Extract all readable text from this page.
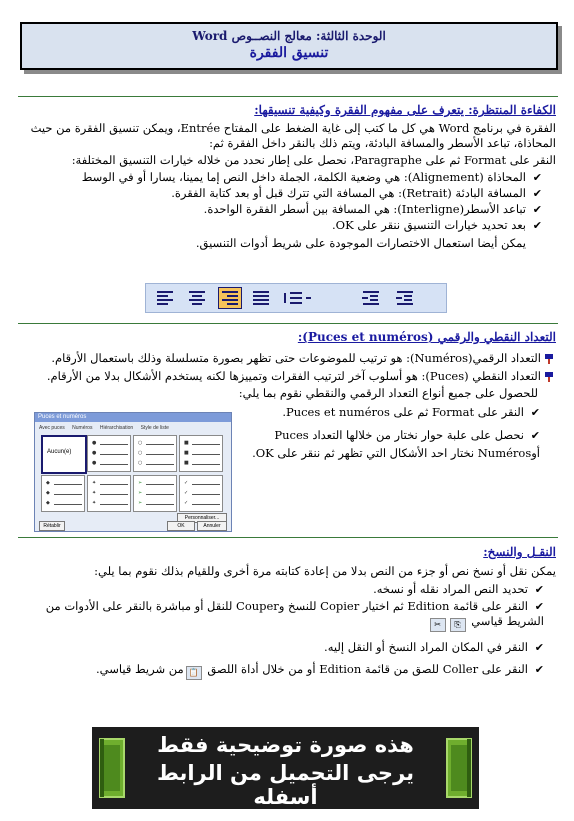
الوحدة الثالثة: معالج النصــوص Word
تنسيق الفقرة
الكفاءة المنتظرة: يتعرف على مفهوم الفقرة وكيفية تنسيقها:
الفقرة في برنامج Word هي كل ما كتب إلى غاية الضغط على المفتاح Entrée، ويمكن تنسيق الفقرة من حيث المحاذاة، تباعد الأسطر والمسافة البادئة، ويتم ذلك بالنقر داخل الفقرة ثم:
النقر على Format ثم على Paragraphe، نحصل على إطار نحدد من خلاله خيارات التنسيق المختلفة:
✔المحاذاة (Alignement): هي وضعية الكلمة، الجملة داخل النص إما يمينا، يسارا أو في الوسط
✔المسافة البادئة (Retrait): هي المسافة التي تترك قبل أو بعد كتابة الفقرة.
✔تباعد الأسطر(Interligne): هي المسافة بين أسطر الفقرة الواحدة.
✔بعد تحديد خيارات التنسيق ننقر على OK.
يمكن أيضا استعمال الاختصارات الموجودة على شريط أدوات التنسيق.
التعداد النقطي والرقمي (Puces et numéros):
التعداد الرقمي(Numéros): هو ترتيب للموضوعات حتى تظهر بصورة متسلسلة وذلك باستعمال الأرقام.
التعداد النقطي (Puces): هو أسلوب آخر لترتيب الفقرات وتمييزها لكنه يستخدم الأشكال بدلا من الأرقام.
للحصول على جميع أنواع التعداد الرقمي والنقطي نقوم بما يلي:
✔النقر على Format ثم على Puces et numéros.
✔نحصل على علبة حوار نختار من خلالها التعداد Puces
أوNuméros نختار احد الأشكال التي تظهر ثم ننقر على OK.
Puces et numéros
Avec puces Numéros Hiérarchisation Style de liste
Aucun(e)
●
●
●
○
○
○
■
■
■
◆
◆
◆
✦
✦
✦
➢
➢
➢
✓
✓
✓
Personnaliser...
Rétablir	OK	Annuler
النقـل والنسخ:
يمكن نقل أو نسخ نص أو جزء من النص بدلا من إعادة كتابته مرة أخرى وللقيام بذلك نقوم بما يلي:
✔تحديد النص المراد نقله أو نسخه.
✔النقر على قائمة Edition ثم اختيار Copier للنسخ وCouper للنقل أو مباشرة بالنقر على الأدوات من الشريط قياسي ⎘✂
✔النقر في المكان المراد النسخ أو النقل إليه.
✔النقر على Coller للصق من قائمة Edition أو من خلال أداة اللصق 📋من شريط قياسي.
هذه صورة توضيحية فقط
يرجى التحميل من الرابط أسفله
